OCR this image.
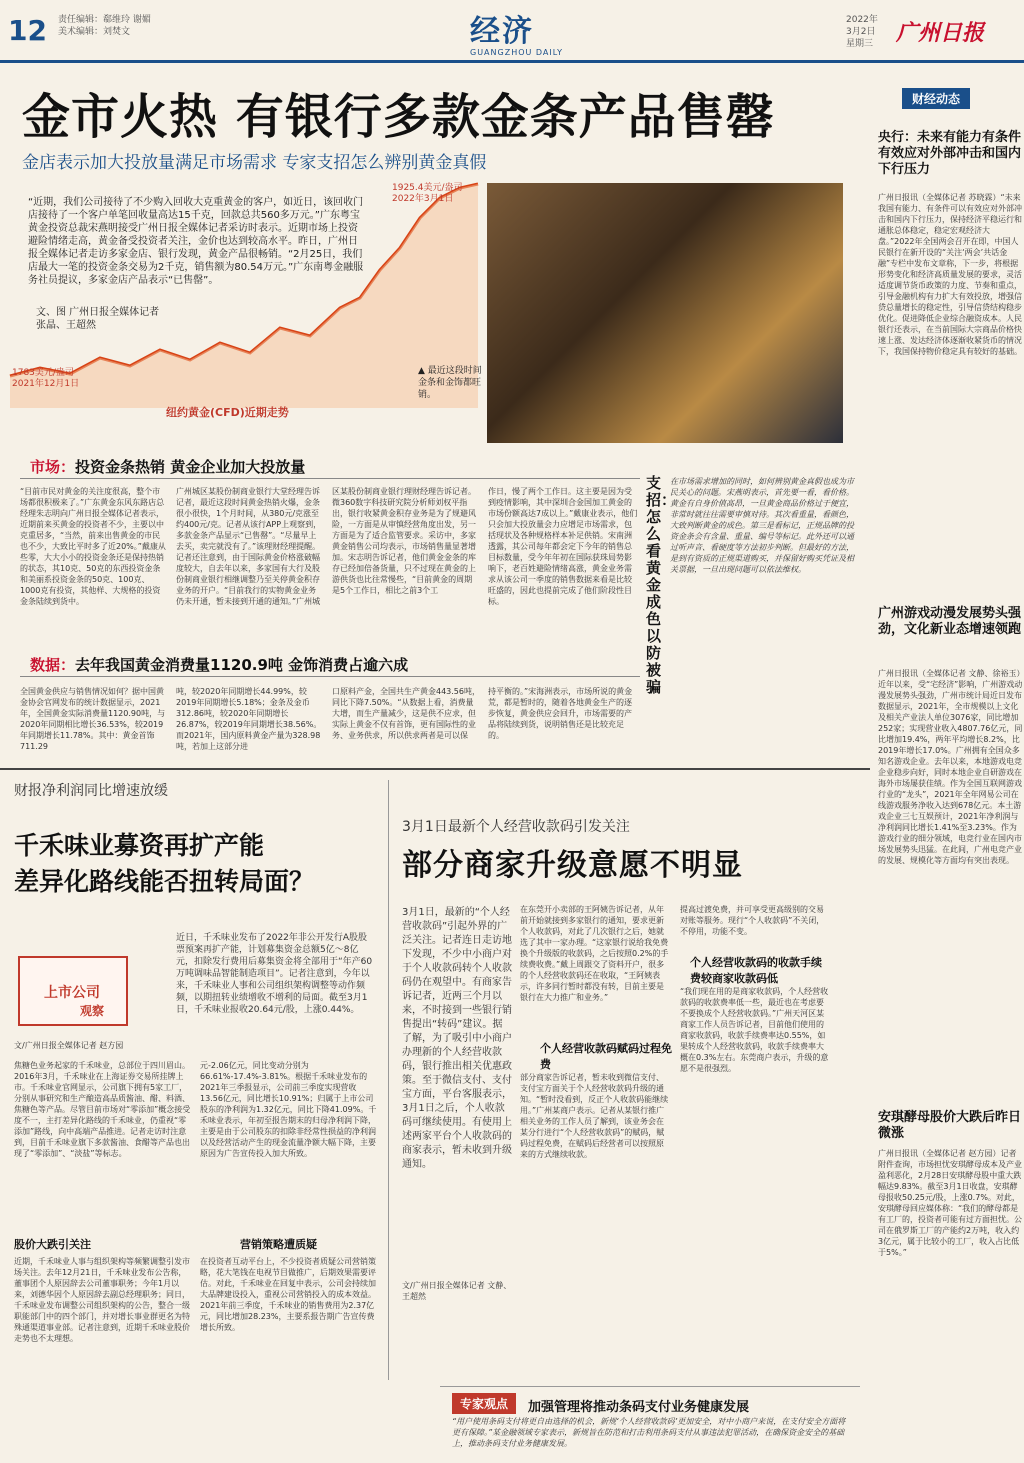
12 责任编辑：郗维玲 谢媚
美术编辑：刘焚文	经济
GUANGZHOU DAILY
2022年
3月2日
星期三 广州日报
金市火热 有银行多款金条产品售罄
金店表示加大投放量满足市场需求 专家支招怎么辨别黄金真假
“近期，我们公司接待了不少购入回收大克重黄金的客户，如近日，该回收门店接待了一个客户单笔回收量高达15千克，回款总共560多万元。”广东粤宝黄金投资总裁宋燕明接受广州日报全媒体记者采访时表示。近期市场上投资避险情绪走高，黄金备受投资者关注，金价也达到较高水平。昨日，广州日报全媒体记者走访多家金店、银行发现，黄金产品很畅销。“2月25日，我们店最大一笔的投资金条交易为2千克，销售额为80.54万元。”广东南粤金融服务社员提议，多家金店产品表示“已售罄”。
文、图 广州日报全媒体记者
张晶、王超然
1925.4美元/盎司
2022年3月1日
1783美元/盎司
2021年12月1日
纽约黄金(CFD)近期走势
▲ 最近这段时间金条和金饰都旺销。
市场：投资金条热销 黄金企业加大投放量
“目前市民对黄金的关注度很高，整个市场都很积极来了。”广东黄金东风东路店总经理朱志明向广州日报全媒体记者表示，近期前来买黄金的投资者不少，主要以中克重居多，“当然，前来出售黄金的市民也不少，大致比平时多了近20%。”戴康从些零，大大小小的投资金条还是保持热销的状态，其10克、50克的东西投资金条和美丽系投资金条的50克、100克、1000克有投资，其他样、大规格的投资金条陆续到货中。
广州城区某股份制商业银行大堂经理告诉记者，最近这段时间黄金热销火爆，金条很小很快，1个月时间，从380元/克涨至约400元/克。记者从该行APP上观察到，多款金条产品显示“已售罄”。“尽量早上去买，卖完就没有了。”该理财经理提醒。记者还注意到，由于国际黄金价格涨破幅度较大，自去年以来，多家国有大行及股份制商业银行相继调整乃至关停黄金积存业务的开户。“目前我行的实物黄金业务仍未开通，暂未接到开通的通知。”广州城
区某股份制商业银行理财经理告诉记者。微360数字科技研究院分析师刘权平指出，银行收紧黄金积存业务是为了规避风险，一方面是从审慎经营角度出发，另一方面是为了适合监管要求。采访中，多家黄金销售公司均表示，市场销售量显著增加。宋志明告诉记者，他们黄金金条的库存已经加倍备货量，只不过现在黄金的上游供货也比往常慢些，“目前黄金的周期是5个工作日，相比之前3个工
作日，慢了两个工作日。这主要是因为受到疫情影响，其中深圳合金国加工黄金的市场份额高达7成以上。”戴康业表示，他们只会加大投放量会力应增足市场需求，包括现状及各种规格样本补足供销。宋南洲透露，其公司每年都会定下今年的销售总目标数量，受今年年初在国际获珠局势影响下，老百姓避险情绪高涨，黄金业务需求从该公司一季度的销售数据来看是比较旺盛的，因此也提前完成了他们阶段性目标。
支招：怎么看黄金成色以防被骗
在市场需求增加的同时，如何辨别黄金真假也成为市民关心的问题。宋燕明表示，首先要一看，看价格。黄金有自身价值高昂，一旦黄金商品价格过于便宜，非常时就往往需要审慎对待。其次看重量，看颜色，大致判断黄金的成色。第三是看标记，正规品牌的投资金条会有含量、重量、编号等标记。此外还可以通过听声音、看硬度等方法初步判断。但最好的方法，是到有资质的正规渠道购买，并保留好购买凭证及相关票据，一旦出现问题可以依法维权。
数据：去年我国黄金消费量1120.9吨 金饰消费占逾六成
全国黄金供应与销售情况如何？据中国黄金协会官网发布的统计数据显示，2021年，全国黄金实际消费量1120.90吨，与2020年同期相比增长36.53%，较2019年同期增长11.78%。其中：黄金首饰711.29
吨，较2020年同期增长44.99%，较2019年同期增长5.18%；金条及金币312.86吨，较2020年同期增长26.87%，较2019年同期增长38.56%。而2021年，国内原料黄金产量为328.98吨，若加上这部分进
口原料产金，全国共生产黄金443.56吨，同比下降7.50%。“从数据上看，消费量大增，而生产量减少，这是供不应求，但实际上黄金不仅有首饰，更有国际性的业务、业务供求，所以供求两者是可以保
持平衡的。”宋海洲表示，市场所说的黄金荒，都是暂时的，随着各地黄金生产的逐步恢复，黄金供应会回升，市场需要的产品将陆续到货，说明销售还是比较充足的。
财经动态
央行：未来有能力有条件有效应对外部冲击和国内下行压力
广州日报讯（全媒体记者 苏晓霖）“未来我国有能力、有条件可以有效应对外部冲击和国内下行压力，保持经济平稳运行和通胀总体稳定，稳定宏观经济大盘。”2022年全国两会召开在即，中国人民银行在新开设的“关注‘两会’共话金融”专栏中发布文章称，下一步，将根据形势变化和经济高质量发展的要求，灵活适度调节货币政策的力度、节奏和重点，引导金融机构有力扩大有效投放，增强信贷总量增长的稳定性，引导信贷结构稳步优化。促进降低企业综合融资成本。人民银行还表示，在当前国际大宗商品价格快速上涨、发达经济体逐渐收紧货币的情况下，我国保持物价稳定具有较好的基础。
广州游戏动漫发展势头强劲，文化新业态增速领跑
广州日报讯（全媒体记者 文静、徐裕玉）近年以来，受“宅经济”影响，广州游戏动漫发展势头强劲，广州市统计局近日发布数据显示，2021年，全市规模以上文化及相关产业法人单位3076家，同比增加252家；实现营业收入4807.76亿元，同比增加19.4%，两年平均增长8.2%，比2019年增长17.0%。广州拥有全国众多知名游戏企业。去年以来，本地游戏电竞企业稳步向好，同时本地企业自研游戏在海外市场屡获佳绩。作为全国互联网游戏行业的“龙头”，2021年全年网易公司在线游戏服务净收入达到678亿元。本土游戏企业三七互娱预计，2021年净利润与净利润同比增长1.41%至3.23%。作为游戏行业的细分领域，电竞行业在国内市场发展势头迅猛。在此间，广州电竞产业的发展、规模化等方面均有突出表现。
安琪酵母股价大跌后昨日微涨
广州日报讯（全媒体记者 赵方园）记者附件查询，市场担忧安琪酵母成本及产业盈利恶化，2月28日安琪酵母股中重大跌幅达9.83%。截至3月1日收盘，安琪酵母报收50.25元/股，上涨0.7%。对此，安琪酵母回应媒体称：“我们的酵母都是有工厂的，投资者可能有过方面担忧。公司在俄罗斯工厂的产能约2万吨，收入约3亿元，属于比较小的工厂，收入占比低于5%。”
财报净利润同比增速放缓
千禾味业募资再扩产能
差异化路线能否扭转局面？
上市公司
观察
近日，千禾味业发布了2022年非公开发行A股股票预案再扩产能，计划募集资金总额5亿～8亿元，扣除发行费用后募集资金将全部用于“年产60万吨调味品智能制造项目”。记者注意到，今年以来，千禾味业人事和公司组织架构调整等动作频频，以期扭转业绩增收不增利的局面。截至3月1日，千禾味业报收20.64元/股，上涨0.44%。
文/广州日报全媒体记者 赵方园
焦糖色业务起家的千禾味业，总部位于四川眉山。2016年3月，千禾味业在上海证券交易所挂牌上市。千禾味业官网显示，公司旗下拥有5家工厂，分别从事研究和生产酿造高品质酱油、醋、料酒、焦糖色等产品。尽管目前市场对“零添加”概念接受度不一，主打差异化路线的千禾味业，仍重视“零添加”路线，向中高端产品推进。记者走访时注意到，目前千禾味业旗下多款酱油、食醋等产品也出现了“零添加”、“淡盐”等标志。
股价大跌引关注
近期，千禾味业人事与组织架构等频繁调整引发市场关注。去年12月21日，千禾味业发布公告称，董事团个人原因辞去公司董事职务；今年1月以来，刘德华因个人原因辞去副总经理职务；同日，千禾味业发布调整公司组织架构的公告，整合一级职能部门中的四个部门，并对增长事业群更名为特殊通渠道事业部。记者注意到，近期千禾味业股价走势也不太理想。
元-2.06亿元，同比变动分别为66.61%-17.4%-3.81%。根据千禾味业发布的2021年三季报显示，公司前三季度实现营收13.56亿元，同比增长10.91%；归属于上市公司股东的净利润为1.32亿元，同比下降41.09%。千禾味业表示，年初至报告期末的归母净利润下降，主要是由于公司股东的扣除非经常性损益的净利润以及经营活动产生的现金流量净额大幅下降，主要原因为广告宣传投入加大所致。
营销策略遭质疑
在投资者互动平台上，不少投资者质疑公司营销策略，花大笔钱在电视节目做推广，后期效果需要评估。对此，千禾味业在回复中表示，公司会持续加大品牌建设投入，重视公司营销投入的成本效益。2021年前三季度，千禾味业的销售费用为2.37亿元，同比增加28.23%，主要系报告期广告宣传费增长所致。
3月1日最新个人经营收款码引发关注
部分商家升级意愿不明显
3月1日，最新的“个人经营收款码”引起外界的广泛关注。记者连日走访地下发现，不少中小商户对于个人收款码转个人收款码仍在观望中。有商家告诉记者，近两三个月以来，不时接到一些银行销售提出“转码”建议。据了解，为了吸引中小商户办理新的个人经营收款码，银行推出相关优惠政策。至于微信支付、支付宝方面，平台客服表示，3月1日之后，个人收款码可继续使用。有使用上述两家平台个人收款码的商家表示，暂未收到升级通知。
文/广州日报全媒体记者 文静、王超然
在东莞开小卖部的王阿姨告诉记者，从年前开始就接到多家银行的通知，要求更新个人收款码，对此了几次银行之后，她就选了其中一家办理。“这家银行说给我免费换个升级版的收款码，之后按照0.2%的手续费收费。”戴上周跟交了资料开户，很多的个人经营收款码还在收取，“王阿姨表示，许多同行暂时都没有转，目前主要是银行在大力推广和业务。”
个人经营收款码赋码过程免费
部分商家告诉记者，暂未收到微信支付、支付宝方面关于个人经营收款码升级的通知。“暂时没看到，反正个人收款码能继续用。”广州某商户表示。记者从某银行推广相关业务的工作人员了解到，该业务会在某分行进行“个人经营收款码”的赋码，赋码过程免费，在赋码后经营者可以按照原来的方式继续收款。
提高过渡免费，并可享受更高级别的交易对账等服务。现行“个人收款码”不关闭，不停用，功能不变。
个人经营收款码的收款手续费较商家收款码低
“我们现在用的是商家收款码，个人经营收款码的收款费率低一些，最近也在考虑要不要换成个人经营收款码。”广州天河区某商家工作人员告诉记者，目前他们使用的商家收款码，收款手续费率达0.55%，如果转成个人经营收款码，收款手续费率大概在0.3%左右。东莞商户表示，升级的意愿不是很强烈。
专家观点	加强管理将推动条码支付业务健康发展
“用户使用条码支付将更自由选择的机会，新规‘个人经营收款码’更加安全，对中小商户来说，在支付安全方面将更有保障。”某金融领域专家表示，新规旨在防范和打击利用条码支付从事违法犯罪活动，在确保资金安全的基础上，推动条码支付业务健康发展。
